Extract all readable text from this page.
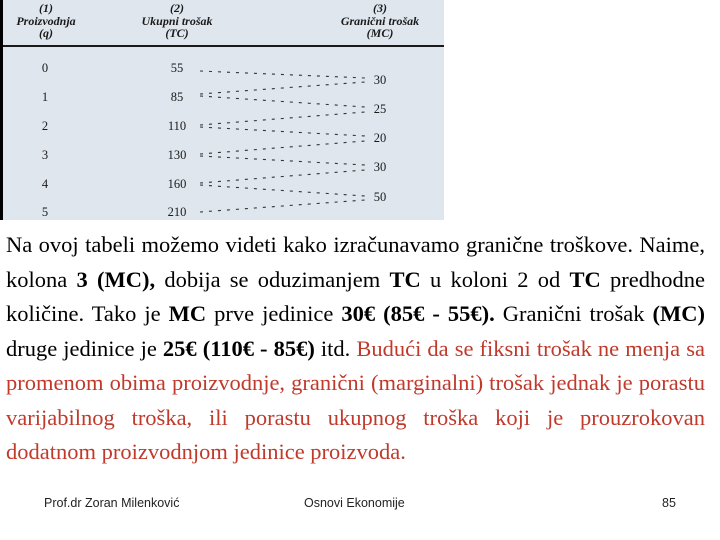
(1)
Proizvodnja
(q)
(2)
Ukupni trošak
(TC)
(3)
Granični trošak
(MC)
0
1
2
3
4
5
55
85
110
130
160
210
30
25
20
30
50
Na ovoj tabeli možemo videti kako izračunavamo granične troškove. Naime, kolona 3 (MC), dobija se oduzimanjem TC u koloni 2 od TC predhodne količine. Tako je MC prve jedinice 30€ (85€ - 55€). Granični trošak (MC) druge jedinice je 25€ (110€ - 85€) itd. Budući da se fiksni trošak ne menja sa promenom obima proizvodnje, granični (marginalni) trošak jednak je porastu varijabilnog troška, ili porastu ukupnog troška koji je prouzrokovan dodatnom proizvodnjom jedinice proizvoda.
Prof.dr Zoran Milenković	Osnovi Ekonomije	85
